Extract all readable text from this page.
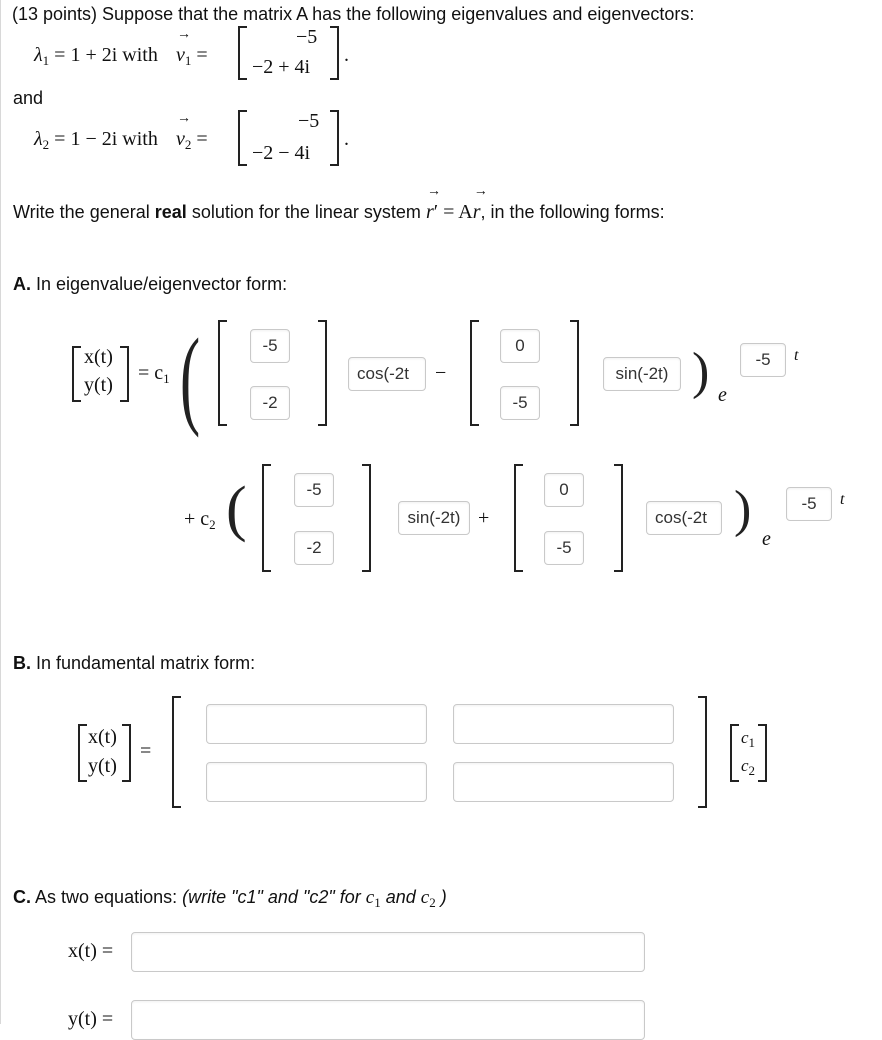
(13 points) Suppose that the matrix A has the following eigenvalues and eigenvectors:
$\lambda_1 = 1 + 2i$ with
→
$v_1$ =
−5
−2 + 4i
.
and
$\lambda_2 = 1 - 2i$ with
→
$v_2$ =
−5
−2 − 4i
.
Write the general real solution for the linear system
→
r′ = A
→
r, in the following forms:
A. In eigenvalue/eigenvector form:
x(t)
y(t)
= $c_1$ (	-5
-2
cos(-2t	−
0
-5
sin(-2t) ) e
-5	t
+ $c_2$ (	-5
-2
sin(-2t) +
0
-5
cos(-2t )
e
-5	t
B. In fundamental matrix form:
x(t)
y(t)
=
$c_1$
$c_2$
C. As two equations: (write "c1" and "c2" for $c_1$ and $c_2$ )
x(t) =
y(t) =
